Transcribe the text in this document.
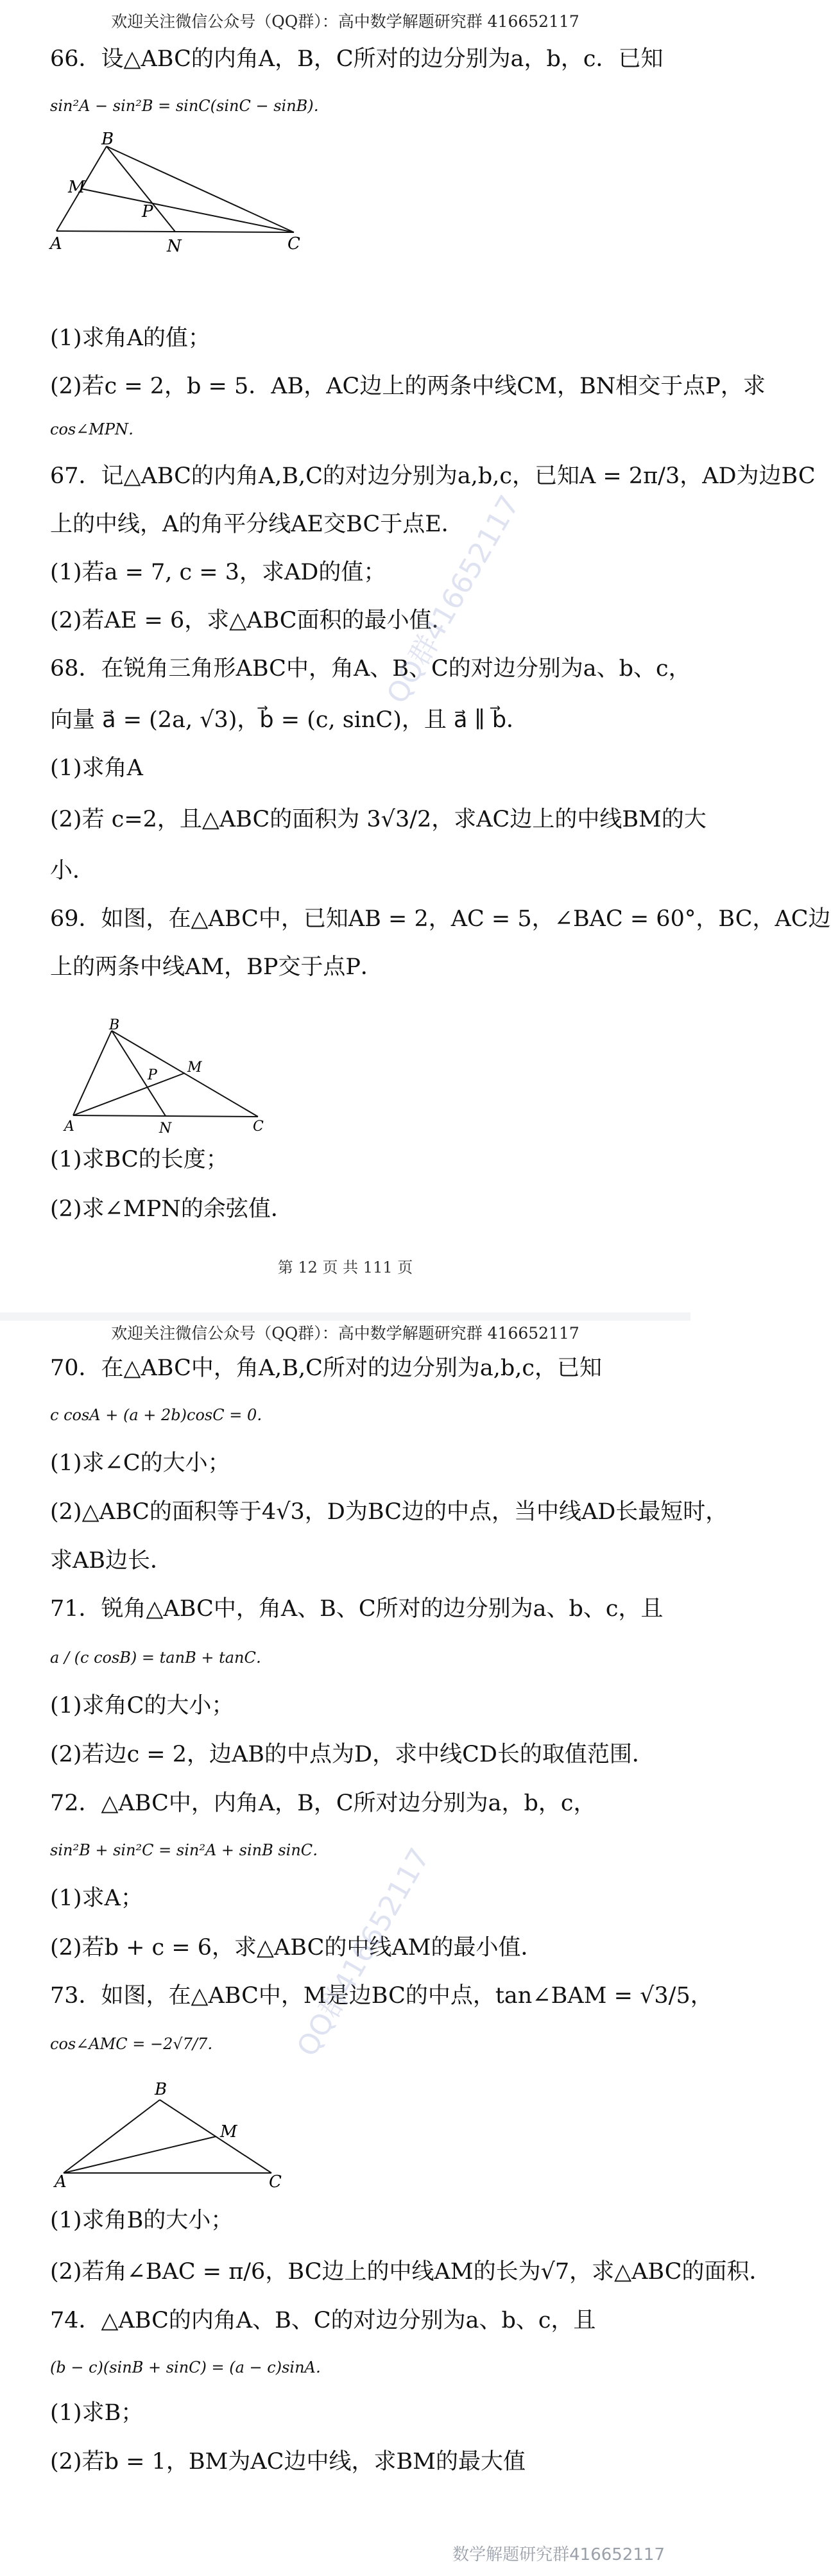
欢迎关注微信公众号（QQ群）：高中数学解题研究群 416652117
66．设△ABC的内角A，B，C所对的边分别为a，b，c．已知
sin²A − sin²B = sinC(sinC − sinB)．
B
M
P
A	N	C
(1)求角A的值；
(2)若c = 2，b = 5．AB，AC边上的两条中线CM，BN相交于点P，求
cos∠MPN．
67．记△ABC的内角A,B,C的对边分别为a,b,c，已知A = 2π/3，AD为边BC
上的中线，A的角平分线AE交BC于点E．
(1)若a = 7, c = 3，求AD的值；
(2)若AE = 6，求△ABC面积的最小值．
68．在锐角三角形ABC中，角A、B、C的对边分别为a、b、c，
向量 a⃗ = (2a, √3)，b⃗ = (c, sinC)，且 a⃗ ∥ b⃗．
(1)求角A
(2)若 c=2，且△ABC的面积为 3√3/2，求AC边上的中线BM的大
小．
69．如图，在△ABC中，已知AB = 2，AC = 5，∠BAC = 60°，BC，AC边
上的两条中线AM，BP交于点P．
B
M
P
A	N	C
(1)求BC的长度；
(2)求∠MPN的余弦值．
第 12 页 共 111 页
QQ群416652117
欢迎关注微信公众号（QQ群）：高中数学解题研究群 416652117
70．在△ABC中，角A,B,C所对的边分别为a,b,c，已知
c cosA + (a + 2b)cosC = 0．
(1)求∠C的大小；
(2)△ABC的面积等于4√3，D为BC边的中点，当中线AD长最短时，
求AB边长．
71．锐角△ABC中，角A、B、C所对的边分别为a、b、c，且
a / (c cosB) = tanB + tanC．
(1)求角C的大小；
(2)若边c = 2，边AB的中点为D，求中线CD长的取值范围．
72．△ABC中，内角A，B，C所对边分别为a，b，c，
sin²B + sin²C = sin²A + sinB sinC．
(1)求A；
(2)若b + c = 6，求△ABC的中线AM的最小值．
73．如图，在△ABC中，M是边BC的中点，tan∠BAM = √3/5，
cos∠AMC = −2√7/7．
B
M
A	C
(1)求角B的大小；
(2)若角∠BAC = π/6，BC边上的中线AM的长为√7，求△ABC的面积．
74．△ABC的内角A、B、C的对边分别为a、b、c，且
(b − c)(sinB + sinC) = (a − c)sinA．
(1)求B；
(2)若b = 1，BM为AC边中线，求BM的最大值
QQ群416652117
数学解题研究群416652117
